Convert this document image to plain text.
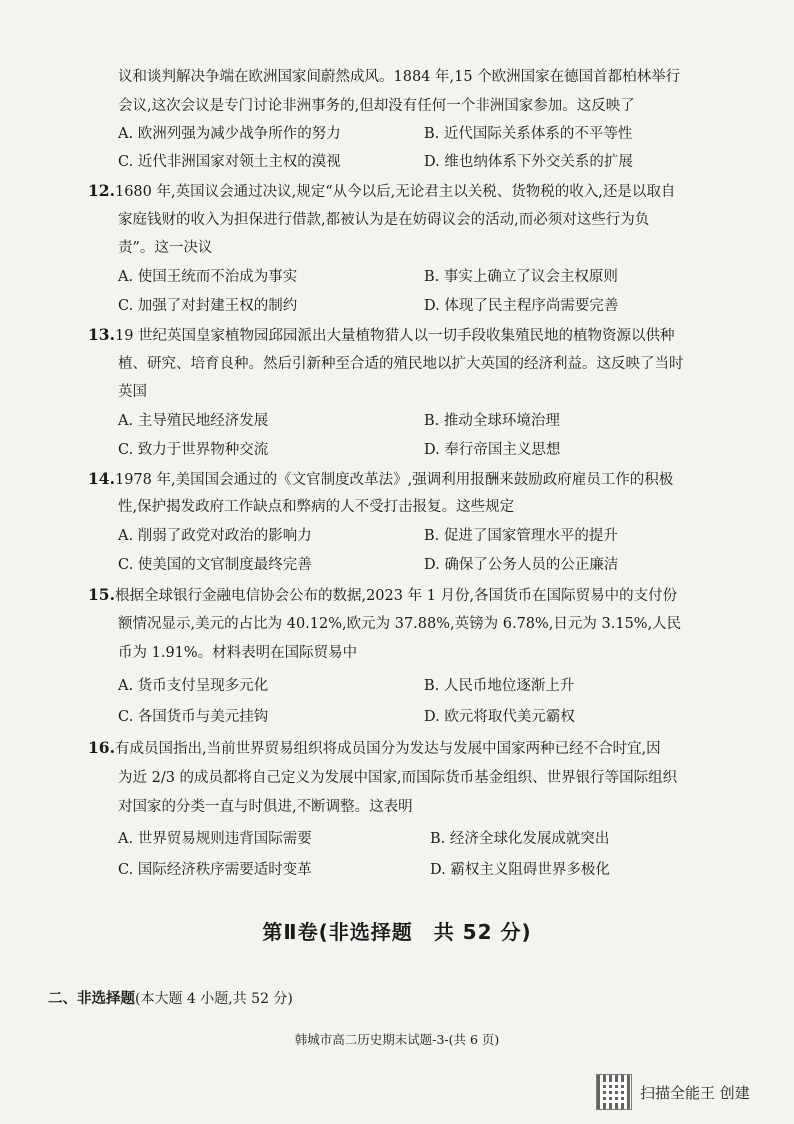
议和谈判解决争端在欧洲国家间蔚然成风。1884 年,15 个欧洲国家在德国首都柏林举行
会议,这次会议是专门讨论非洲事务的,但却没有任何一个非洲国家参加。这反映了
A. 欧洲列强为减少战争所作的努力	B. 近代国际关系体系的不平等性
C. 近代非洲国家对领土主权的漠视	D. 维也纳体系下外交关系的扩展
12.1680 年,英国议会通过决议,规定“从今以后,无论君主以关税、货物税的收入,还是以取自
家庭钱财的收入为担保进行借款,都被认为是在妨碍议会的活动,而必须对这些行为负
责”。这一决议
A. 使国王统而不治成为事实	B. 事实上确立了议会主权原则
C. 加强了对封建王权的制约	D. 体现了民主程序尚需要完善
13.19 世纪英国皇家植物园邱园派出大量植物猎人以一切手段收集殖民地的植物资源以供种
植、研究、培育良种。然后引新种至合适的殖民地以扩大英国的经济利益。这反映了当时
英国
A. 主导殖民地经济发展	B. 推动全球环境治理
C. 致力于世界物种交流	D. 奉行帝国主义思想
14.1978 年,美国国会通过的《文官制度改革法》,强调利用报酬来鼓励政府雇员工作的积极
性,保护揭发政府工作缺点和弊病的人不受打击报复。这些规定
A. 削弱了政党对政治的影响力	B. 促进了国家管理水平的提升
C. 使美国的文官制度最终完善	D. 确保了公务人员的公正廉洁
15.根据全球银行金融电信协会公布的数据,2023 年 1 月份,各国货币在国际贸易中的支付份
额情况显示,美元的占比为 40.12%,欧元为 37.88%,英镑为 6.78%,日元为 3.15%,人民
币为 1.91%。材料表明在国际贸易中
A. 货币支付呈现多元化	B. 人民币地位逐渐上升
C. 各国货币与美元挂钩	D. 欧元将取代美元霸权
16.有成员国指出,当前世界贸易组织将成员国分为发达与发展中国家两种已经不合时宜,因
为近 2/3 的成员都将自己定义为发展中国家,而国际货币基金组织、世界银行等国际组织
对国家的分类一直与时俱进,不断调整。这表明
A. 世界贸易规则违背国际需要	B. 经济全球化发展成就突出
C. 国际经济秩序需要适时变革	D. 霸权主义阻碍世界多极化
第Ⅱ卷(非选择题　共 52 分)
二、非选择题(本大题 4 小题,共 52 分)
韩城市高二历史期末试题-3-(共 6 页)
扫描全能王 创建
